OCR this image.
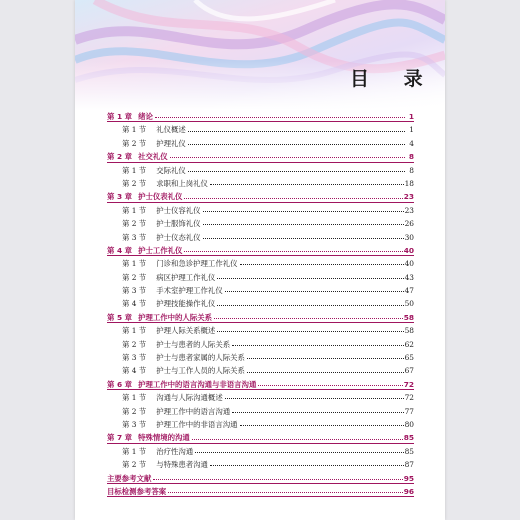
目 录
第 1 章 绪论	1
第 1 节 礼仪概述	1
第 2 节 护理礼仪	4
第 2 章 社交礼仪	8
第 1 节 交际礼仪	8
第 2 节 求职和上岗礼仪	18
第 3 章 护士仪表礼仪	23
第 1 节 护士仪容礼仪	23
第 2 节 护士服饰礼仪	26
第 3 节 护士仪态礼仪	30
第 4 章 护士工作礼仪	40
第 1 节 门诊和急诊护理工作礼仪	40
第 2 节 病区护理工作礼仪	43
第 3 节 手术室护理工作礼仪	47
第 4 节 护理技能操作礼仪	50
第 5 章 护理工作中的人际关系	58
第 1 节 护理人际关系概述	58
第 2 节 护士与患者的人际关系	62
第 3 节 护士与患者家属的人际关系	65
第 4 节 护士与工作人员的人际关系	67
第 6 章 护理工作中的语言沟通与非语言沟通	72
第 1 节 沟通与人际沟通概述	72
第 2 节 护理工作中的语言沟通	77
第 3 节 护理工作中的非语言沟通	80
第 7 章 特殊情境的沟通	85
第 1 节 治疗性沟通	85
第 2 节 与特殊患者沟通	87
主要参考文献	95
目标检测参考答案	96
